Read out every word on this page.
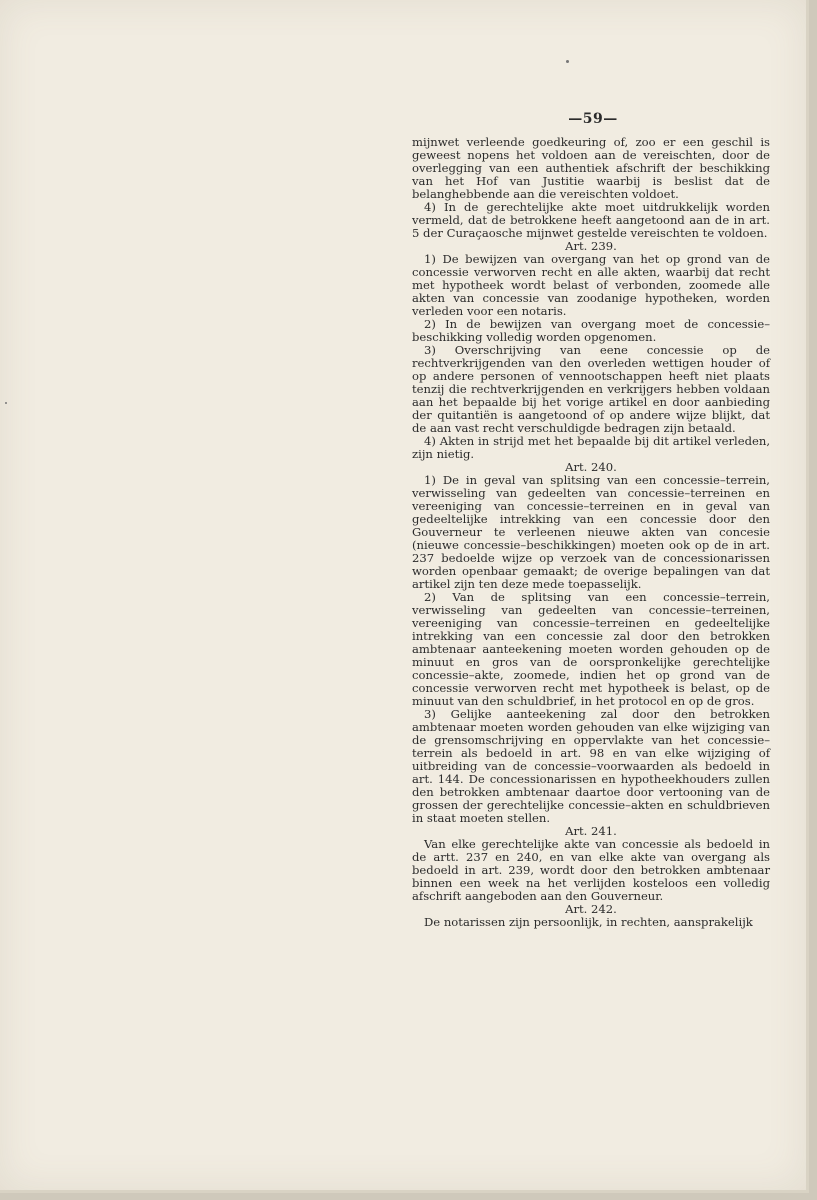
—59—

mijnwet verleende goedkeuring of, zoo er een geschil is geweest nopens het voldoen aan de vereischten, door de overlegging van een authentiek afschrift der beschikking van het Hof van Justitie waarbij is beslist dat de belanghebbende aan die vereischten voldoet.

4) In de gerechtelijke akte moet uitdrukkelijk worden vermeld, dat de betrokkene heeft aangetoond aan de in art. 5 der Curaçaosche mijnwet gestelde vereischten te voldoen.

Art. 239.

1) De bewijzen van overgang van het op grond van de concessie verworven recht en alle akten, waarbij dat recht met hypotheek wordt belast of verbonden, zoomede alle akten van concessie van zoodanige hypotheken, worden verleden voor een notaris.

2) In de bewijzen van overgang moet de concessie–beschikking volledig worden opgenomen.

3) Overschrijving van eene concessie op de rechtverkrijgenden van den overleden wettigen houder of op andere personen of vennootschappen heeft niet plaats tenzij die rechtverkrijgenden en verkrijgers hebben voldaan aan het bepaalde bij het vorige artikel en door aanbieding der quitantiën is aangetoond of op andere wijze blijkt, dat de aan vast recht verschuldigde bedragen zijn betaald.

4) Akten in strijd met het bepaalde bij dit artikel verleden, zijn nietig.

Art. 240.

1) De in geval van splitsing van een concessie–terrein, verwisseling van gedeelten van concessie–terreinen en vereeniging van concessie–terreinen en in geval van gedeeltelijke intrekking van een concessie door den Gouverneur te verleenen nieuwe akten van concesie (nieuwe concessie–beschikkingen) moeten ook op de in art. 237 bedoelde wijze op verzoek van de concessionarissen worden openbaar gemaakt; de overige bepalingen van dat artikel zijn ten deze mede toepasselijk.

2) Van de splitsing van een concessie–terrein, verwisseling van gedeelten van concessie–terreinen, vereeniging van concessie–terreinen en gedeeltelijke intrekking van een concessie zal door den betrokken ambtenaar aanteekening moeten worden gehouden op de minuut en gros van de oorspronkelijke gerechtelijke concessie–akte, zoomede, indien het op grond van de concessie verworven recht met hypotheek is belast, op de minuut van den schuldbrief, in het protocol en op de gros.

3) Gelijke aanteekening zal door den betrokken ambtenaar moeten worden gehouden van elke wijziging van de grensomschrijving en oppervlakte van het concessie–terrein als bedoeld in art. 98 en van elke wijziging of uitbreiding van de concessie–voorwaarden als bedoeld in art. 144. De concessionarissen en hypotheekhouders zullen den betrokken ambtenaar daartoe door vertooning van de grossen der gerechtelijke concessie–akten en schuldbrieven in staat moeten stellen.

Art. 241.

Van elke gerechtelijke akte van concessie als bedoeld in de artt. 237 en 240, en van elke akte van overgang als bedoeld in art. 239, wordt door den betrokken ambtenaar binnen een week na het verlijden kosteloos een volledig afschrift aangeboden aan den Gouverneur.

Art. 242.

De notarissen zijn persoonlijk, in rechten, aansprakelijk
